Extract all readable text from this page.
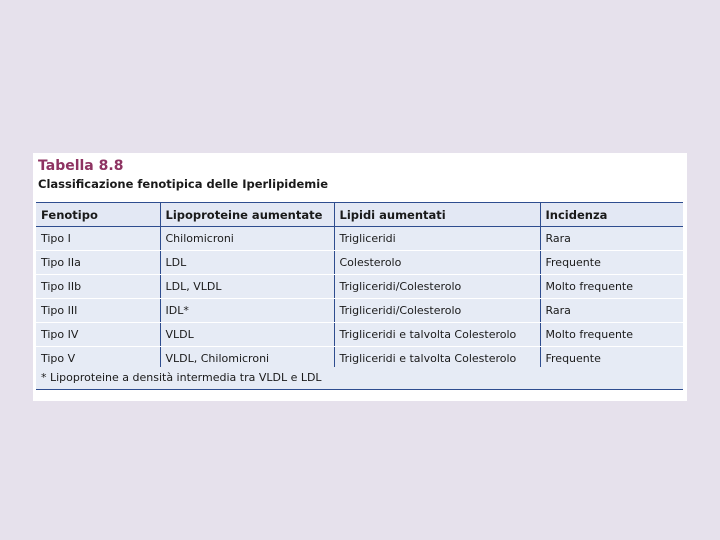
Tabella 8.8
Classificazione fenotipica delle Iperlipidemie
Fenotipo	Lipoproteine aumentate	Lipidi aumentati	Incidenza
Tipo I	Chilomicroni	Trigliceridi	Rara
Tipo IIa	LDL	Colesterolo	Frequente
Tipo IIb	LDL, VLDL	Trigliceridi/Colesterolo	Molto frequente
Tipo III	IDL*	Trigliceridi/Colesterolo	Rara
Tipo IV	VLDL	Trigliceridi e talvolta Colesterolo	Molto frequente
Tipo V	VLDL, Chilomicroni	Trigliceridi e talvolta Colesterolo	Frequente
* Lipoproteine a densità intermedia tra VLDL e LDL
